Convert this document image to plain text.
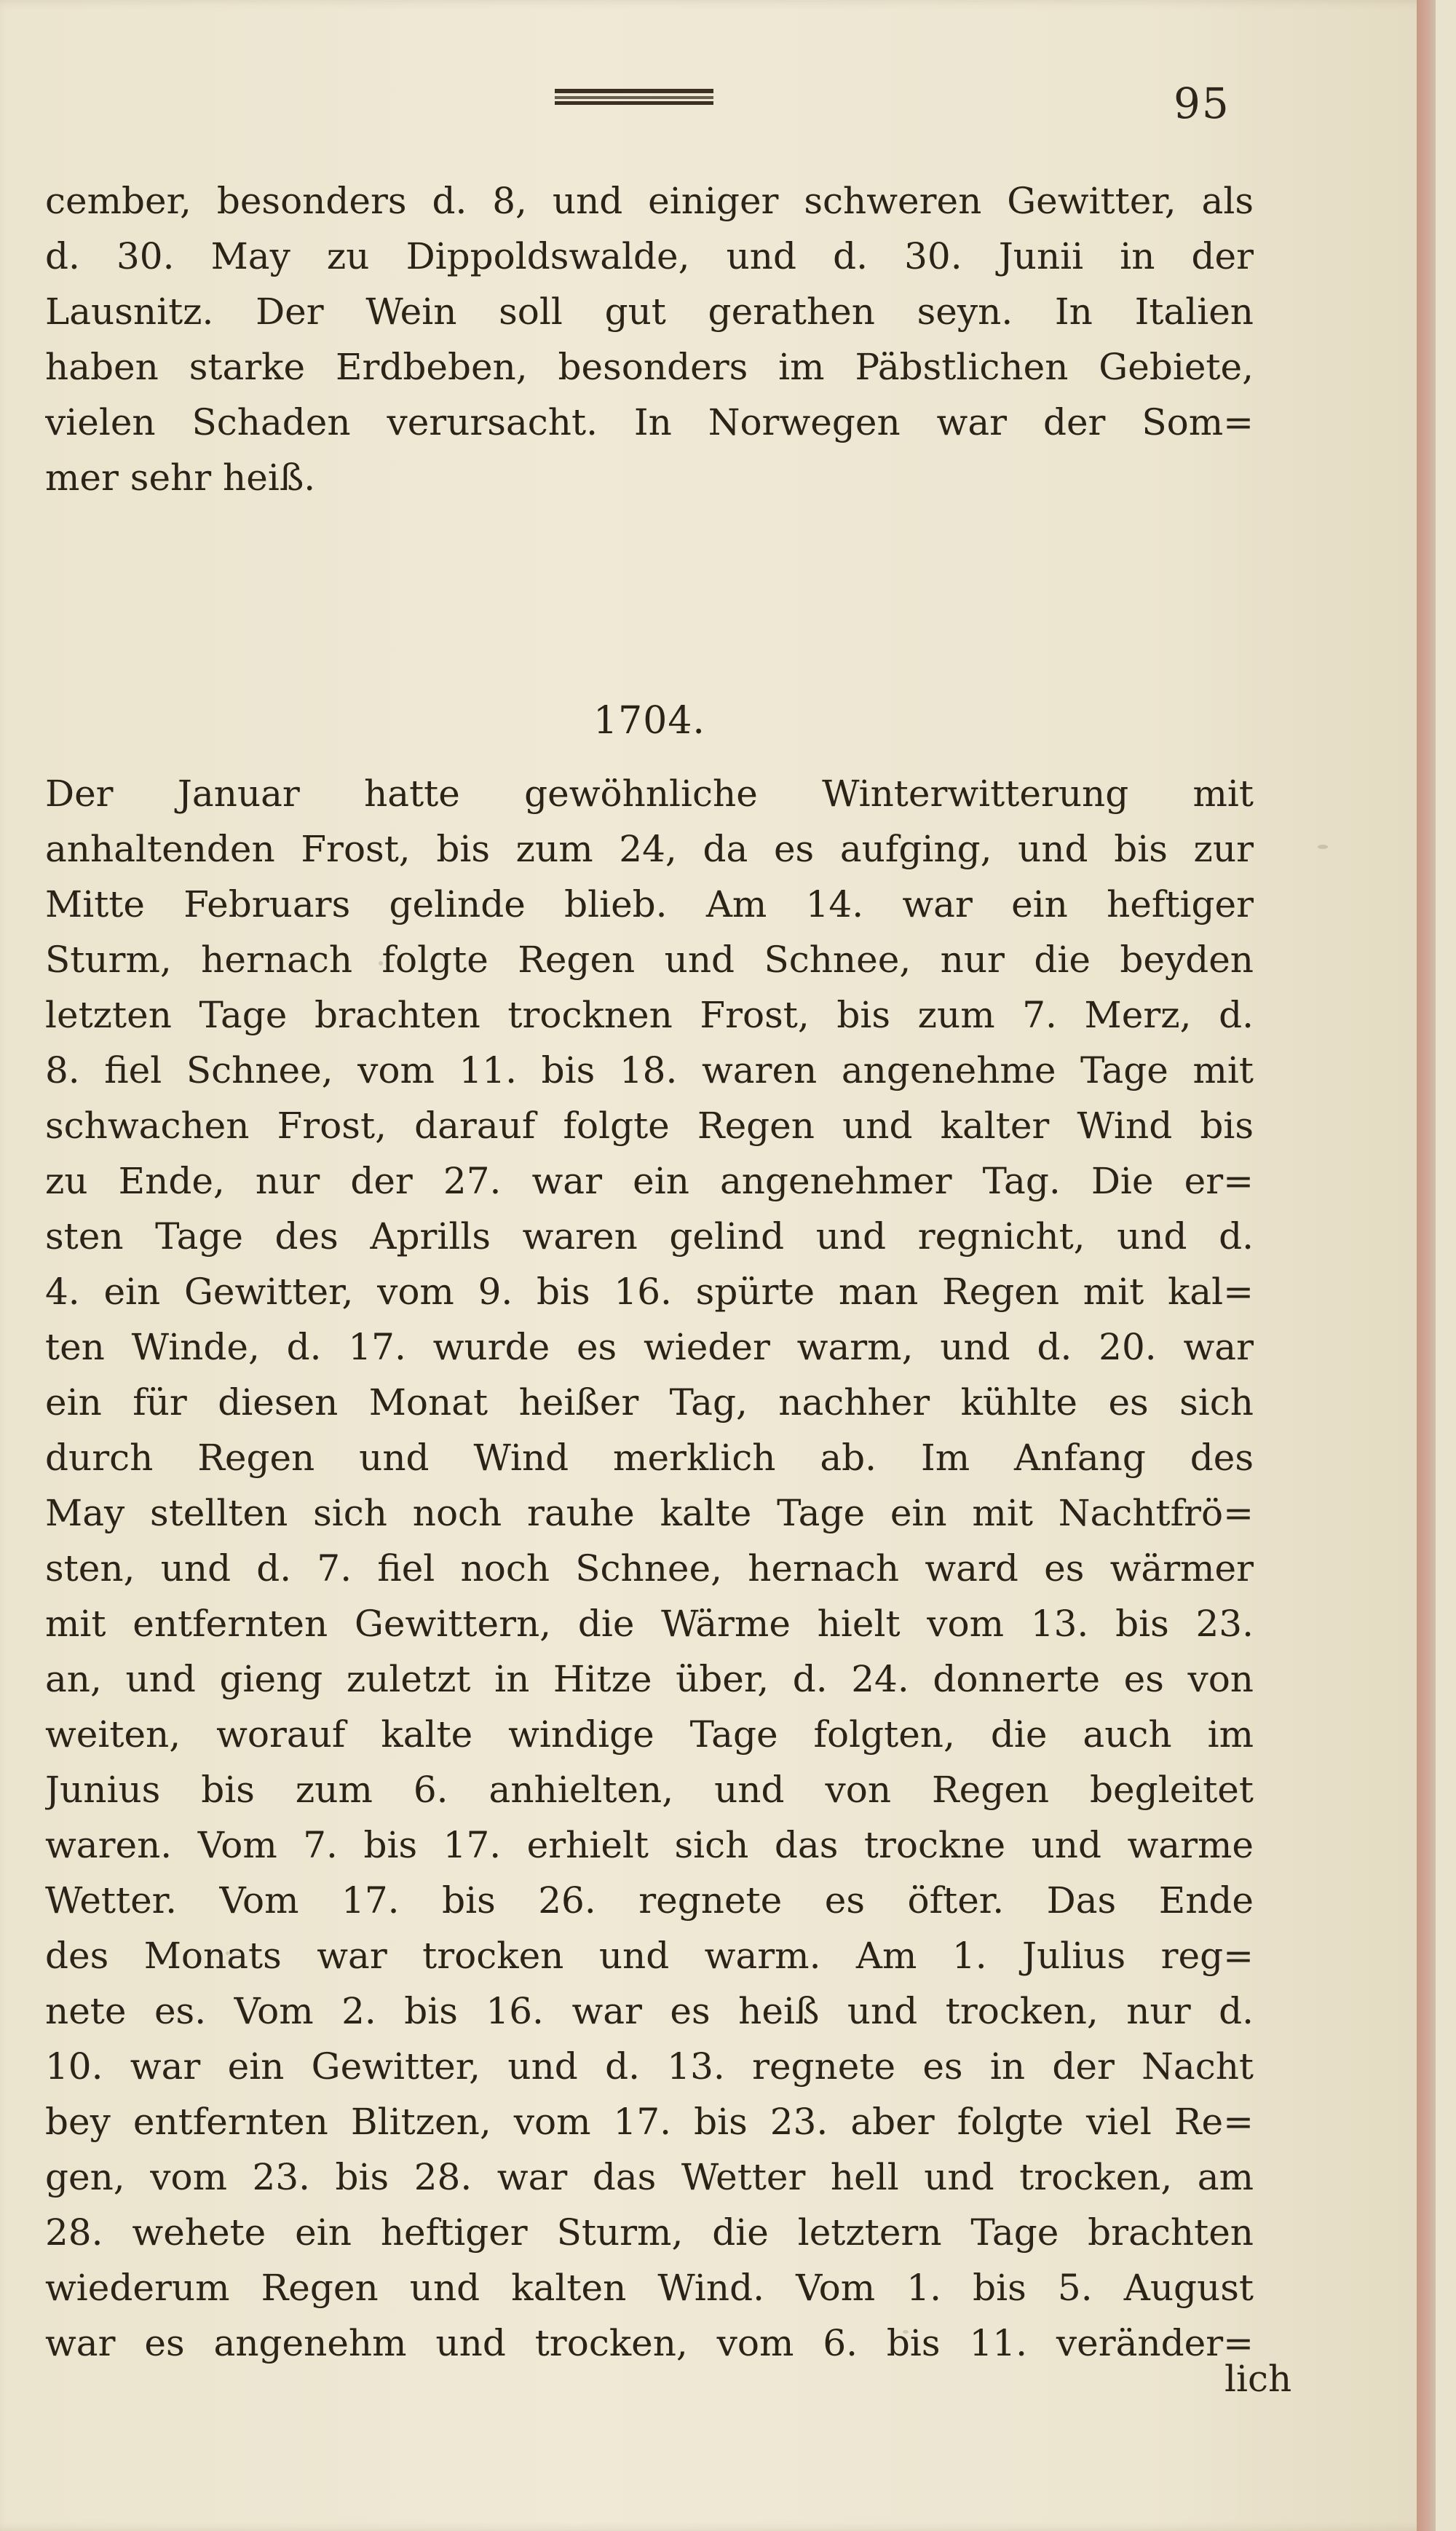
95
cember, besonders d. 8, und einiger schweren Gewitter, als
d. 30. May zu Dippoldswalde, und d. 30. Junii in der
Lausnitz. Der Wein soll gut gerathen seyn. In Italien
haben starke Erdbeben, besonders im Päbstlichen Gebiete,
vielen Schaden verursacht. In Norwegen war der Som=
mer sehr heiß.
1704.
Der Januar hatte gewöhnliche Winterwitterung mit
anhaltenden Frost, bis zum 24, da es aufging, und bis zur
Mitte Februars gelinde blieb. Am 14. war ein heftiger
Sturm, hernach folgte Regen und Schnee, nur die beyden
letzten Tage brachten trocknen Frost, bis zum 7. Merz, d.
8. fiel Schnee, vom 11. bis 18. waren angenehme Tage mit
schwachen Frost, darauf folgte Regen und kalter Wind bis
zu Ende, nur der 27. war ein angenehmer Tag. Die er=
sten Tage des Aprills waren gelind und regnicht, und d.
4. ein Gewitter, vom 9. bis 16. spürte man Regen mit kal=
ten Winde, d. 17. wurde es wieder warm, und d. 20. war
ein für diesen Monat heißer Tag, nachher kühlte es sich
durch Regen und Wind merklich ab. Im Anfang des
May stellten sich noch rauhe kalte Tage ein mit Nachtfrö=
sten, und d. 7. fiel noch Schnee, hernach ward es wärmer
mit entfernten Gewittern, die Wärme hielt vom 13. bis 23.
an, und gieng zuletzt in Hitze über, d. 24. donnerte es von
weiten, worauf kalte windige Tage folgten, die auch im
Junius bis zum 6. anhielten, und von Regen begleitet
waren. Vom 7. bis 17. erhielt sich das trockne und warme
Wetter. Vom 17. bis 26. regnete es öfter. Das Ende
des Monats war trocken und warm. Am 1. Julius reg=
nete es. Vom 2. bis 16. war es heiß und trocken, nur d.
10. war ein Gewitter, und d. 13. regnete es in der Nacht
bey entfernten Blitzen, vom 17. bis 23. aber folgte viel Re=
gen, vom 23. bis 28. war das Wetter hell und trocken, am
28. wehete ein heftiger Sturm, die letztern Tage brachten
wiederum Regen und kalten Wind. Vom 1. bis 5. August
war es angenehm und trocken, vom 6. bis 11. veränder=
lich
